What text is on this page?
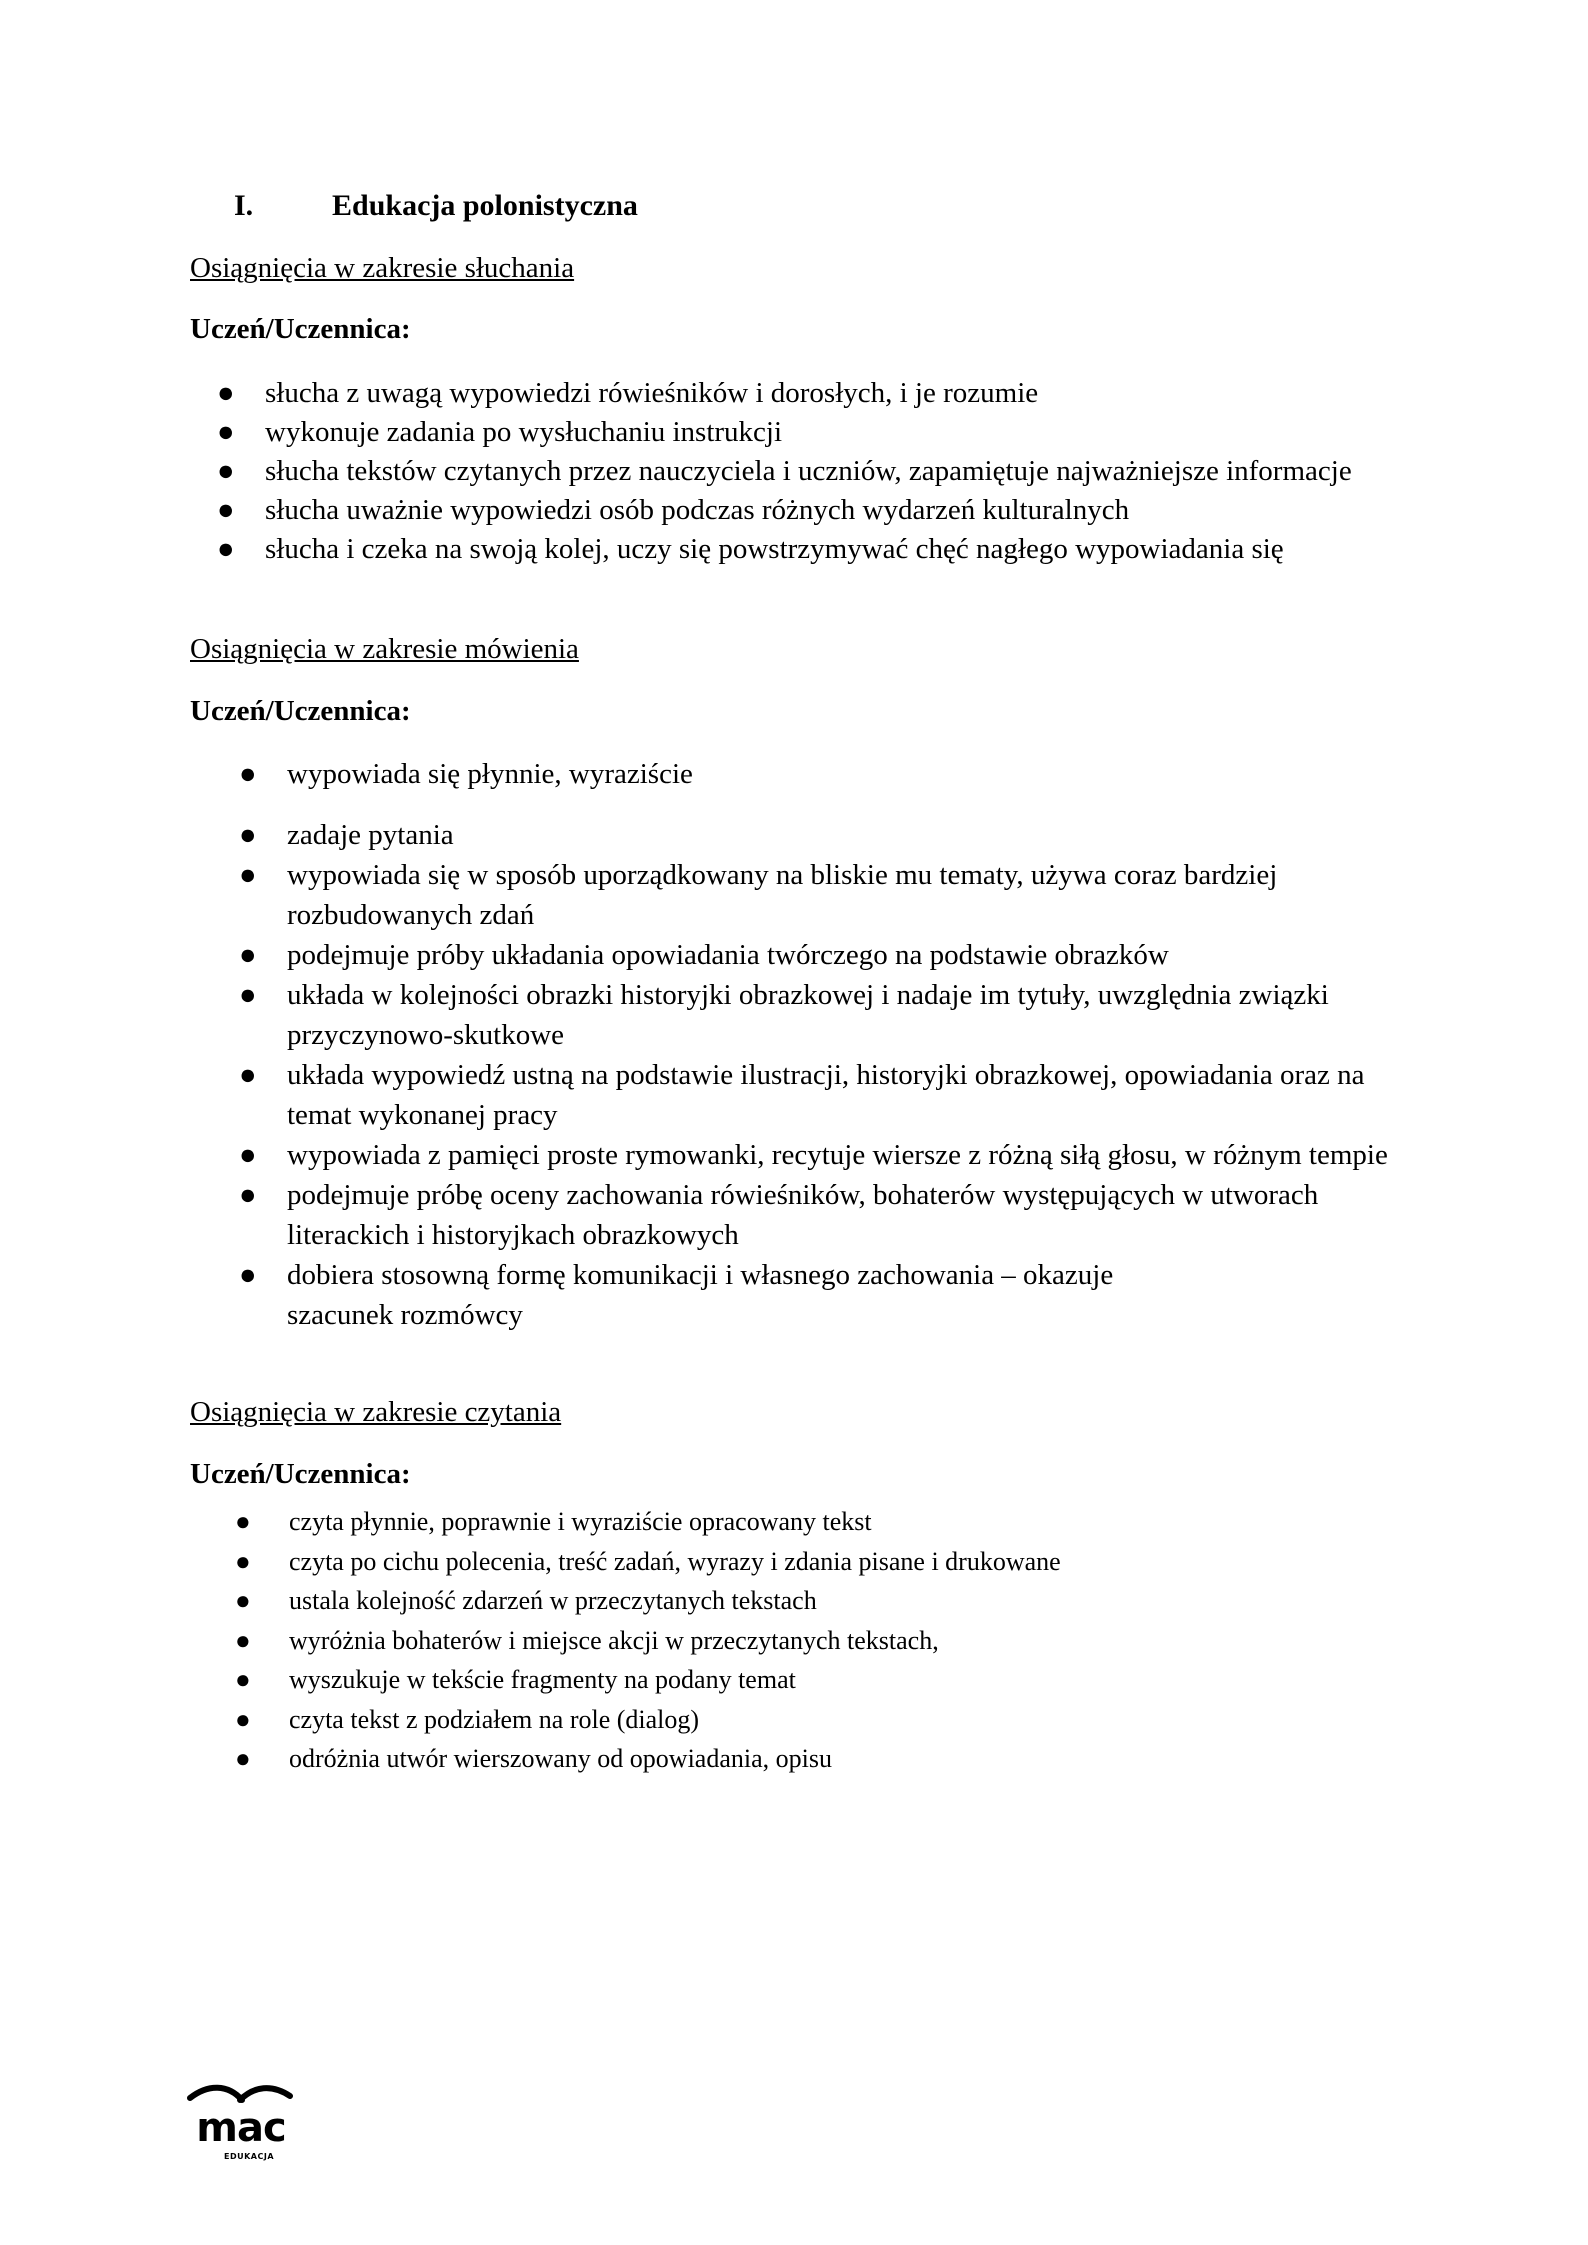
I.	Edukacja polonistyczna

Osiągnięcia w zakresie słuchania

Uczeń/Uczennica:

● słucha z uwagą wypowiedzi rówieśników i dorosłych, i je rozumie
● wykonuje zadania po wysłuchaniu instrukcji
● słucha tekstów czytanych przez nauczyciela i uczniów, zapamiętuje najważniejsze informacje
● słucha uważnie wypowiedzi osób podczas różnych wydarzeń kulturalnych
● słucha i czeka na swoją kolej, uczy się powstrzymywać chęć nagłego wypowiadania się

Osiągnięcia w zakresie mówienia

Uczeń/Uczennica:

● wypowiada się płynnie, wyraziście
● zadaje pytania
● wypowiada się w sposób uporządkowany na bliskie mu tematy, używa coraz bardziej rozbudowanych zdań
● podejmuje próby układania opowiadania twórczego na podstawie obrazków
● układa w kolejności obrazki historyjki obrazkowej i nadaje im tytuły, uwzględnia związki przyczynowo-skutkowe
● układa wypowiedź ustną na podstawie ilustracji, historyjki obrazkowej, opowiadania oraz na temat wykonanej pracy
● wypowiada z pamięci proste rymowanki, recytuje wiersze z różną siłą głosu, w różnym tempie
● podejmuje próbę oceny zachowania rówieśników, bohaterów występujących w utworach literackich i historyjkach obrazkowych
● dobiera stosowną formę komunikacji i własnego zachowania – okazuje szacunek rozmówcy

Osiągnięcia w zakresie czytania

Uczeń/Uczennica:

● czyta płynnie, poprawnie i wyraziście opracowany tekst
● czyta po cichu polecenia, treść zadań, wyrazy i zdania pisane i drukowane
● ustala kolejność zdarzeń w przeczytanych tekstach
● wyróżnia bohaterów i miejsce akcji w przeczytanych tekstach,
● wyszukuje w tekście fragmenty na podany temat
● czyta tekst z podziałem na role (dialog)
● odróżnia utwór wierszowany od opowiadania, opisu
mac
EDUKACJA
